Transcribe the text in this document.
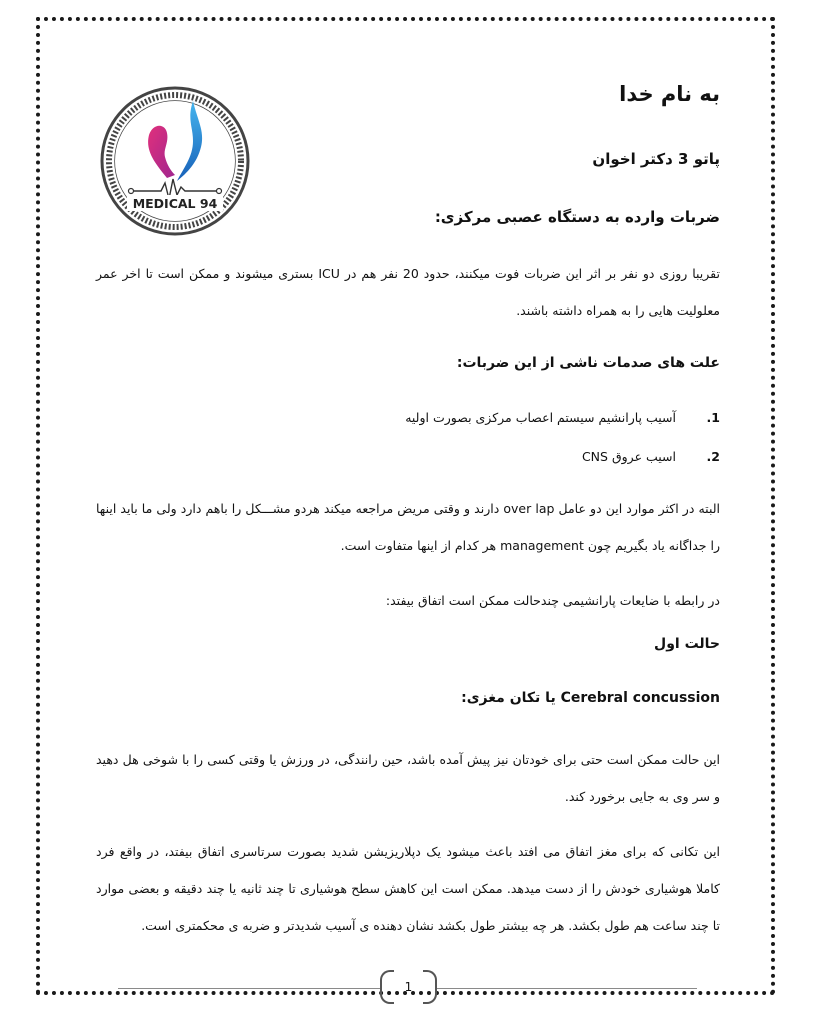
MEDICAL 94
به نام خدا
پاتو 3 دکتر اخوان
ضربات وارده به دستگاه عصبی مرکزی:
تقریبا روزی دو نفر بر اثر این ضربات فوت میکنند، حدود 20 نفر هم در ICU بستری میشوند و ممکن است تا اخر عمر معلولیت هایی را به همراه داشته باشند.
علت های صدمات ناشی از این ضربات:
1.
آسیب پارانشیم سیستم اعصاب مرکزی بصورت اولیه
2.
اسیب عروق CNS
البته در اکثر موارد این دو عامل over lap دارند و وقتی مریض مراجعه میکند هردو مشـــکل را باهم دارد ولی ما باید اینها را جداگانه یاد بگیریم چون management هر کدام از اینها متفاوت است.
در رابطه با ضایعات پارانشیمی چندحالت ممکن است اتفاق بیفتد:
حالت اول
Cerebral concussion یا تکان مغزی:
این حالت ممکن است حتی برای خودتان نیز پیش آمده باشد، حین رانندگی، در ورزش یا وقتی کسی را با شوخی هل دهید و سر وی به جایی برخورد کند.
این تکانی که برای مغز اتفاق می افتد باعث میشود یک دپلاریزیشن شدید بصورت سرتاسری اتفاق بیفتد، در واقع فرد کاملا هوشیاری خودش را از دست میدهد. ممکن است این کاهش سطح هوشیاری تا چند ثانیه یا چند دقیقه و بعضی موارد تا چند ساعت هم طول بکشد. هر چه بیشتر طول بکشد نشان دهنده ی آسیب شدیدتر و ضربه ی محکمتری است.
1
